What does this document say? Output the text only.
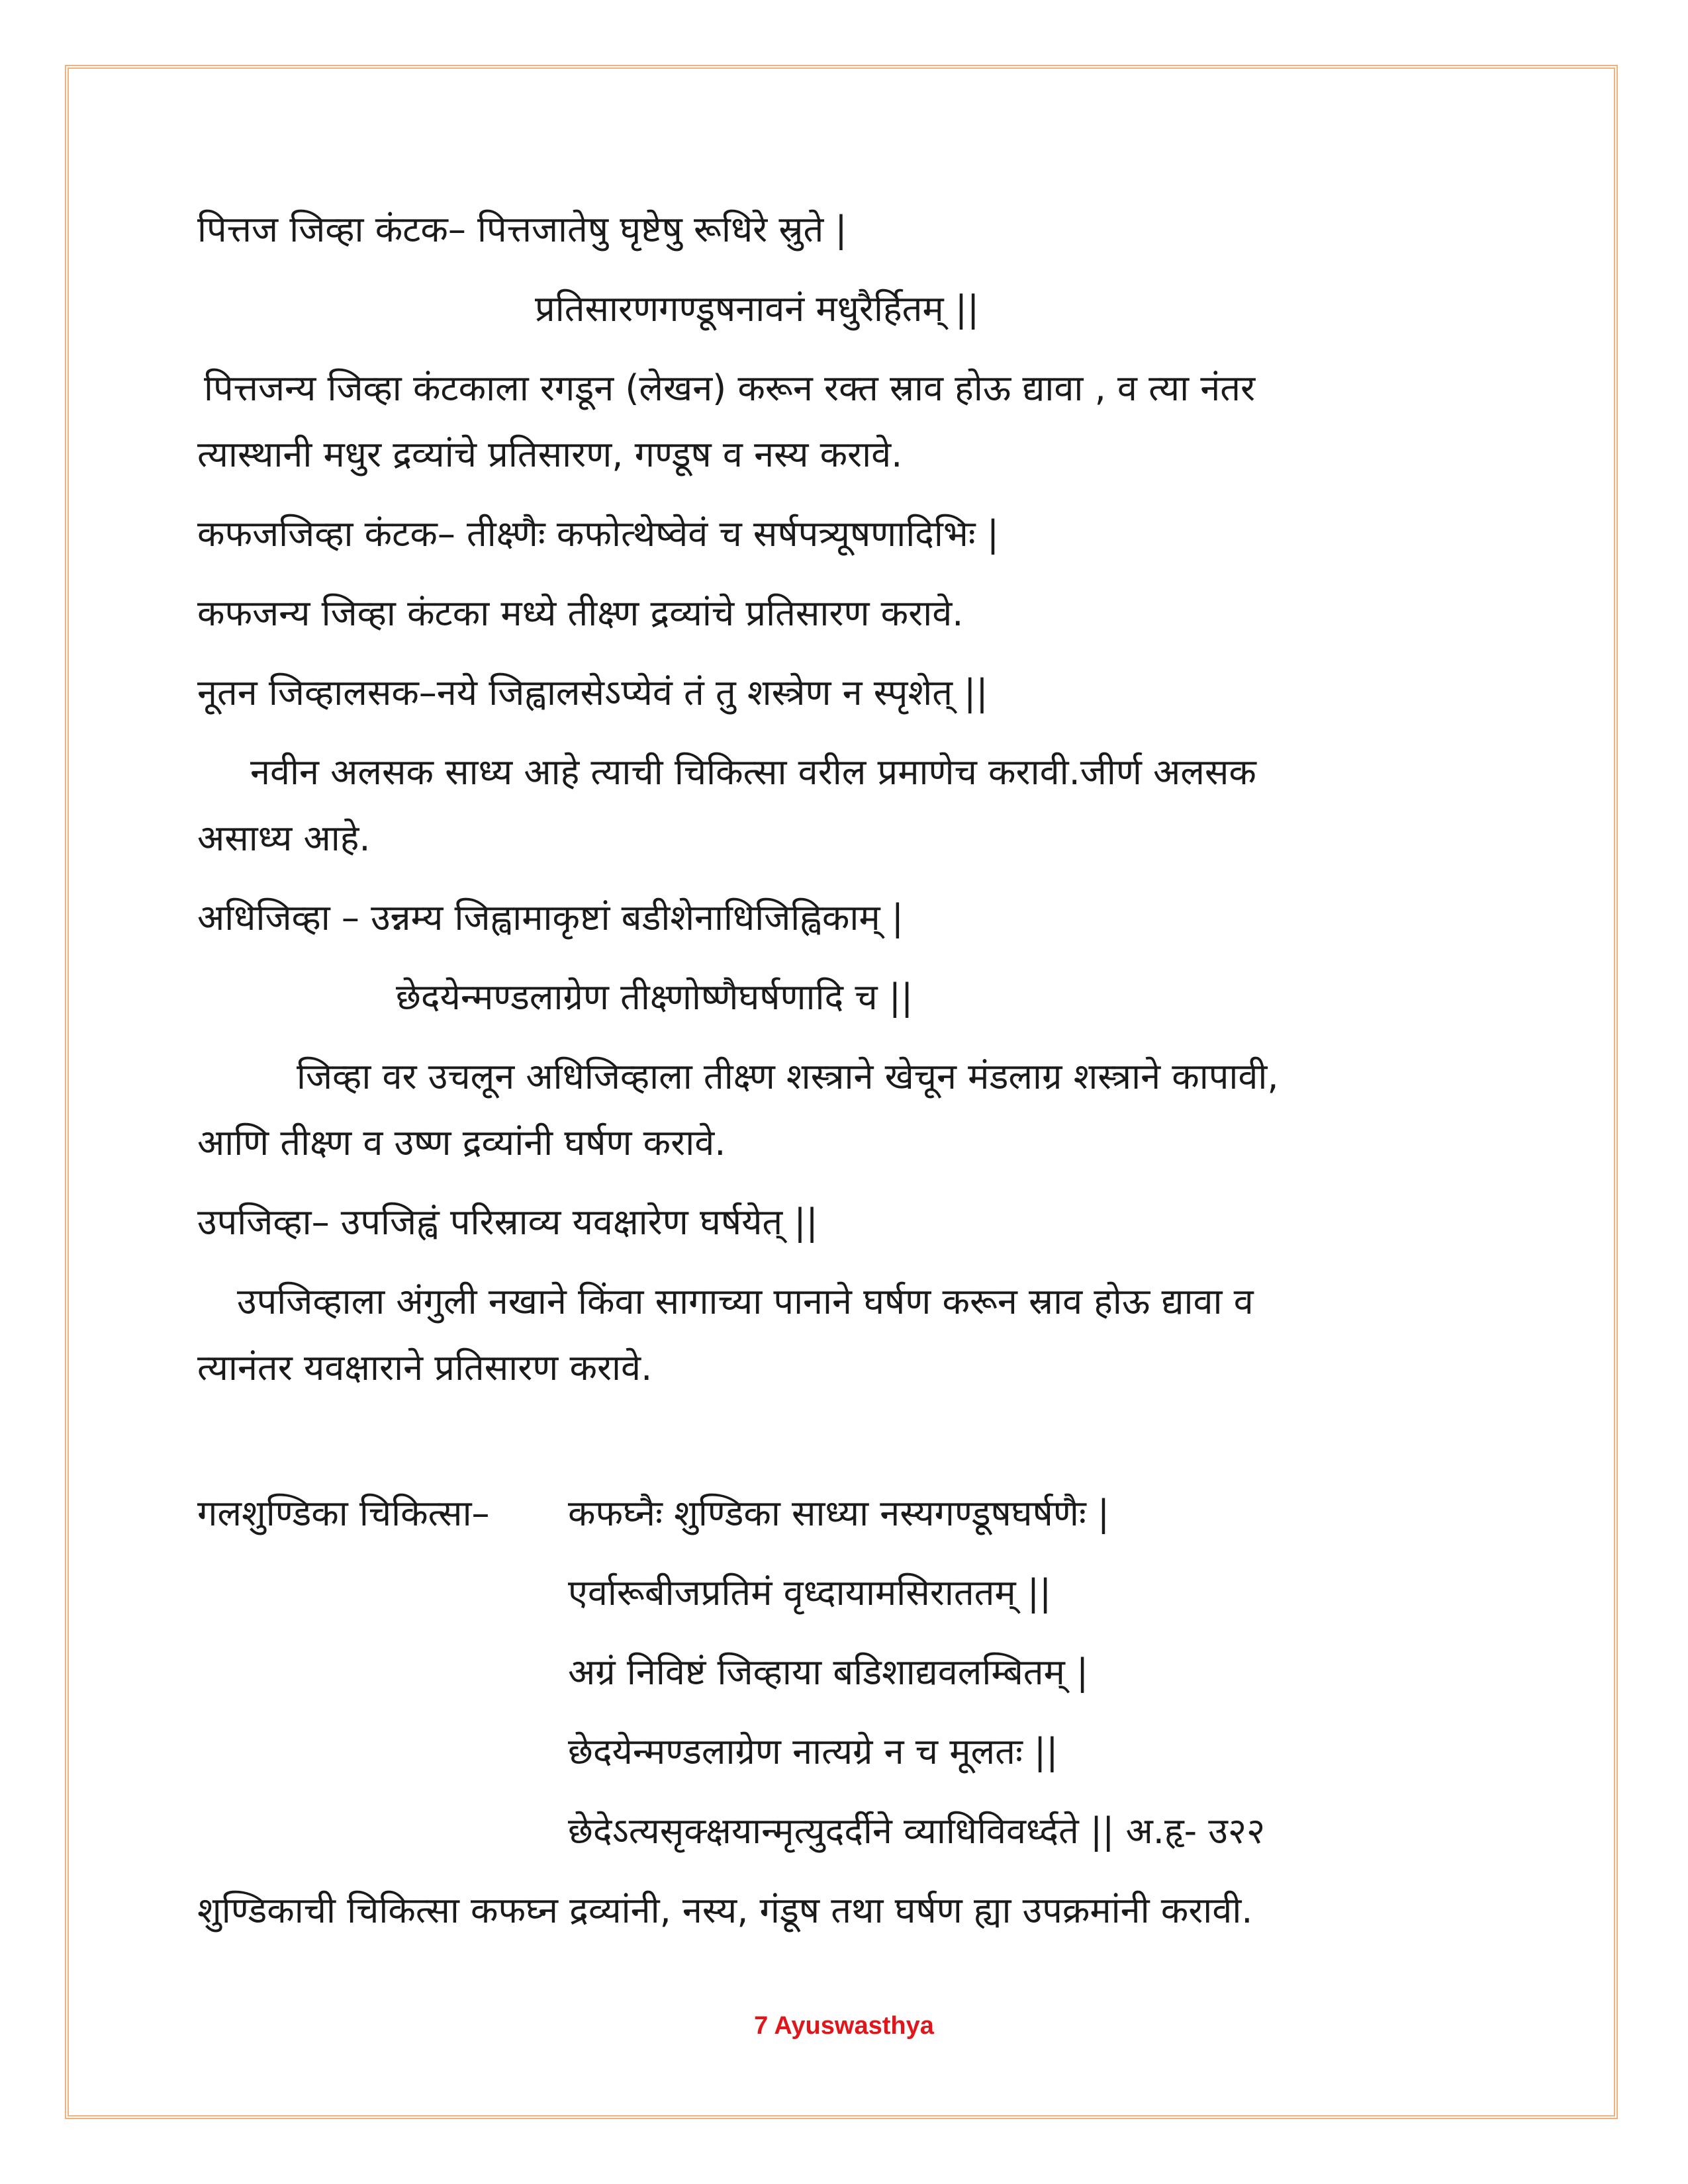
पित्तज जिव्हा कंटक– पित्तजातेषु घृष्टेषु रूधिरे स्रुते |
प्रतिसारणगण्डूषनावनं मधुरैर्हितम् ||
पित्तजन्य जिव्हा कंटकाला रगडून (लेखन) करून रक्त स्राव होऊ द्यावा , व त्या नंतर
त्यास्थानी मधुर द्रव्यांचे प्रतिसारण, गण्डूष व नस्य करावे.
कफजजिव्हा कंटक– तीक्ष्णैः कफोत्थेष्वेवं च सर्षपत्र्यूषणादिभिः |
कफजन्य जिव्हा कंटका मध्ये तीक्ष्ण द्रव्यांचे प्रतिसारण करावे.
नूतन जिव्हालसक–नये जिह्वालसेऽप्येवं तं तु शस्त्रेण न स्पृशेत् ||
नवीन अलसक साध्य आहे त्याची चिकित्सा वरील प्रमाणेच करावी.जीर्ण अलसक
असाध्य आहे.
अधिजिव्हा – उन्नम्य जिह्वामाकृष्टां बडीशेनाधिजिह्विकाम् |
छेदयेन्मण्डलाग्रेण तीक्ष्णोष्णैघर्षणादि च ||
जिव्हा वर उचलून अधिजिव्हाला तीक्ष्ण शस्त्राने खेचून मंडलाग्र शस्त्राने कापावी,
आणि तीक्ष्ण व उष्ण द्रव्यांनी घर्षण करावे.
उपजिव्हा– उपजिह्वं परिस्राव्य यवक्षारेण घर्षयेत् ||
उपजिव्हाला अंगुली नखाने किंवा सागाच्या पानाने घर्षण करून स्राव होऊ द्यावा व
त्यानंतर यवक्षाराने प्रतिसारण करावे.
गलशुण्डिका चिकित्सा– कफघ्नैः शुण्डिका साध्या नस्यगण्डूषघर्षणैः |
एर्वारूबीजप्रतिमं वृध्दायामसिराततम् ||
अग्रं निविष्टं जिव्हाया बडिशाद्यवलम्बितम् |
छेदयेन्मण्डलाग्रेण नात्यग्रे न च मूलतः ||
छेदेऽत्यसृक्क्षयान्मृत्युदर्दीने व्याधिविवर्ध्दते || अ.हृ- उ२२
शुण्डिकाची चिकित्सा कफघ्न द्रव्यांनी, नस्य, गंडूष तथा घर्षण ह्या उपक्रमांनी करावी.
7 Ayuswasthya
